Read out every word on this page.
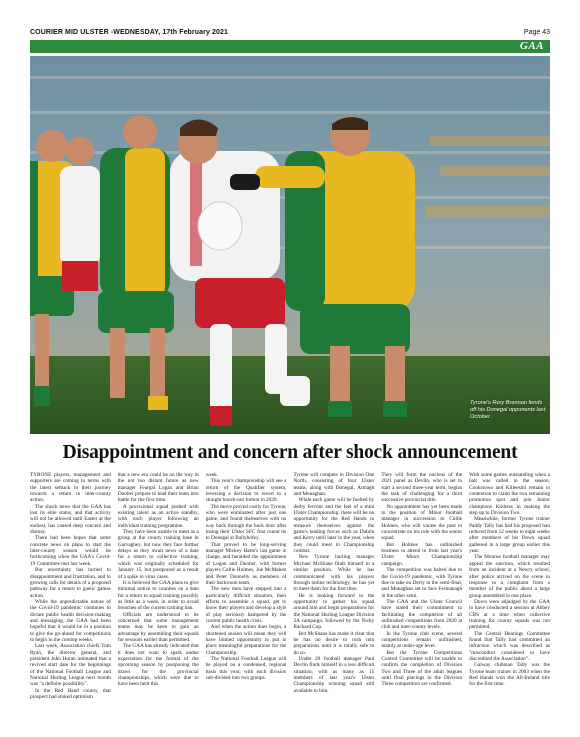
COURIER MID ULSTER -WEDNESDAY, 17th February 2021	Page 43
GAA
Tyrone's Rory Brennan fends off his Donegal opponents last October.
Disappointment and concern after shock announcement

TYRONE players, management and supporters are coming to terms with the latest setback in their journey towards a return to inter-county action.

The shock news that the GAA has lost its elite status, and that activity will not be allowed until Easter at the earliest, has caused deep concern and dismay.

There had been hopes that some concrete news on plans to start the inter-county season would be forthcoming when the GAA's Covid-19 Committee met last week.

But uncertainty has turned to disappointment and frustration, and to growing calls for details of a proposed pathway for a return to gaelic games action.

While the unpredictable nature of the Covid-19 pandemic continues to dictate public health decision-making and messaging, the GAA had been hopeful that it would be in a position to give the go-ahead for competitions to begin in the coming weeks.

Last week, Association chiefs Tom Ryan, the director general, and president John Horan intimated that a revived start date for the beginnings of the National Football League and National Hurling League next month was "a definite possibility".

In the Red Hand county, that prospect had stoked optimism

that a new era could be on the way in the not too distant future as new manager Feargal Logan and Brian Dooher prepare to lead their team into battle for the first time.

A provisional squad pushed with existing talent as an active standby, with each player following an individual training programme.

They have been unable to meet as a group at the county training base in Garvaghey, but now they face further delays as they await news of a date for a return to collective training, which was originally scheduled for January 15, but postponed as a result of a spike in virus cases.

It is believed the GAA plans to give minimal notice to counties on a date for a return to squad training possibly as little as a week, in order to avoid breaches of the current training ban.

Officials are understood to be concerned that some management teams may be keen to gain an advantage by assembling their squads for sessions earlier than permitted.

The GAA has already indicated that it does not want to spark undue expectation for the format of the upcoming season by postponing the draws for the provincial championships, which were due to have been held this

week.

This year's championship will see a return of the Qualifier system, reversing a decision to revert to a straight knock-out format in 2020.

The move proved costly for Tyrone, who were eliminated after just one game, and found themselves with no way back through the back door after losing their Ulster SFC first round tie to Donegal at Ballybofey.

That proved to be long-serving manager Mickey Harte's last game in charge, and heralded the appointment of Logan and Dooher, with former players Collie Holmes, Joe McMahon and Peter Donnelly as members of their backroom team.

The new men have stepped into a particularly difficult situation, their efforts to assemble a squad, get to know their players and develop a style of play seriously hampered by the current public health crisis.

And when the action does begin, a shortened season will mean they will have limited opportunity to put in place meaningful preparations for the Championship.

The National Football League will be played on a condensed, regional basis this year, with each division sub-divided into two groups.

Tyrone will compete in Division One North, consisting of four Ulster teams, along with Donegal, Armagh and Monaghan.

While each game will be fuelled by derby fervour and the feel of a mini Ulster Championship, there will be no opportunity for the Red Hands to measure themselves against the game's leading forces such as Dublin and Kerry until later in the year, when they could meet in Championship combat.

New Tyrone hurling manager Michael McShane finds himself in a similar position. While he has communicated with his players through online technology, he has yet to meet them for the first time.

He is looking forward to the opportunity to gather his squad around him and begin preparations for the National Hurling League Division 3A campaign, followed by the Nicky Rackard Cup.

But McShane has made it clear that he has no desire to rush into preparations until it is totally safe to do so.

Under 20 football manager Paul Devlin finds himself in a less difficult situation, with as many as 15 members of last year's Ulster Championship winning squad still available to him.

They will form the nucleus of the 2021 panel as Devlin, who is set to start a second three-year term, begins the task of challenging for a third successive provincial title.

No appointment has yet been made to the position of Minor football manager in succession to Collie Holmes, who will vacate the post to concentrate on his role with the senior squad.

But Holmes has unfinished business to attend to from last year's Ulster Minor Championship campaign.

The competition was halted due to the Covid-19 pandemic, with Tyrone due to take on Derry in the semi-final, and Monaghan set to face Fermanagh in the other semi.

The GAA and the Ulster Council have stated their commitment to facilitating the completion of all unfinished competitions from 2020 at club and inter-county levels.

In the Tyrone club scene, several competitions remain unfinished, mainly at under-age level.

But the Tyrone Competitions Control Committee will be unable to confirm the completion of Division Two and Three of the adult leagues until final placings in the Division Three competition are confirmed.

With some games outstanding when a halt was called to the season, Cookstown and Killeeshil remain in contention to claim the two remaining promotion spot and join Junior champions Kildress in making the step up to Division Two.

Meanwhile, former Tyrone trainer Paddy Tally has had his proposed ban reduced from 12 weeks to eight weeks after members of his Down squad gathered in a large group earlier this year.

The Mourne football manager may appeal the sanction, which resulted from an incident at a Newry school, after police arrived on the scene in response to a complaint from a member of the public about a large group assembled in one place.

Down were adjudged by the GAA to have conducted a session at Abbey CBS at a time when collective training for county squads was not permitted.

The Central Hearings Committee found that Tally had committed an infraction which was described as "misconduct considered to have discredited the Association".

Galway clubman Tally was the Tyrone team trainer in 2003 when the Red Hands won the All-Ireland title for the first time.
